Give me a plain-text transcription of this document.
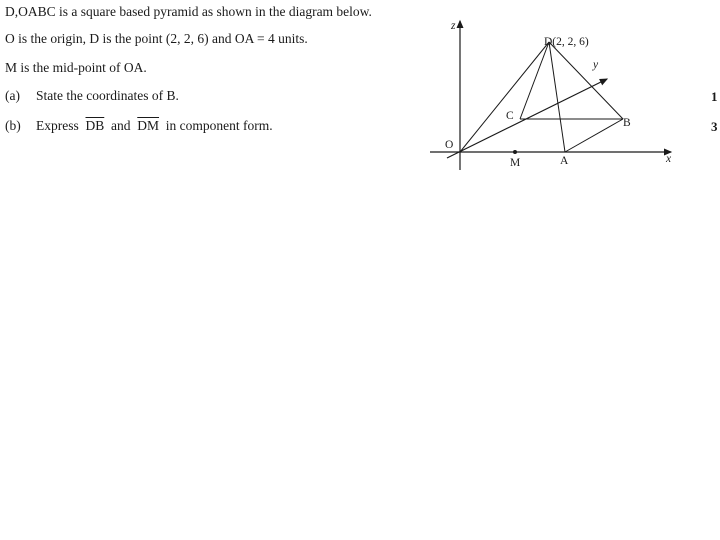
D,OABC is a square based pyramid as shown in the diagram below.
O is the origin, D is the point (2, 2, 6) and OA = 4 units.
M is the mid-point of OA.
(a) State the coordinates of B.	1
(b) Express $\overline{DB}$ and $\overline{DM}$ in component form.	3
z
x
y
O
M	A
B
C
D(2, 2, 6)
